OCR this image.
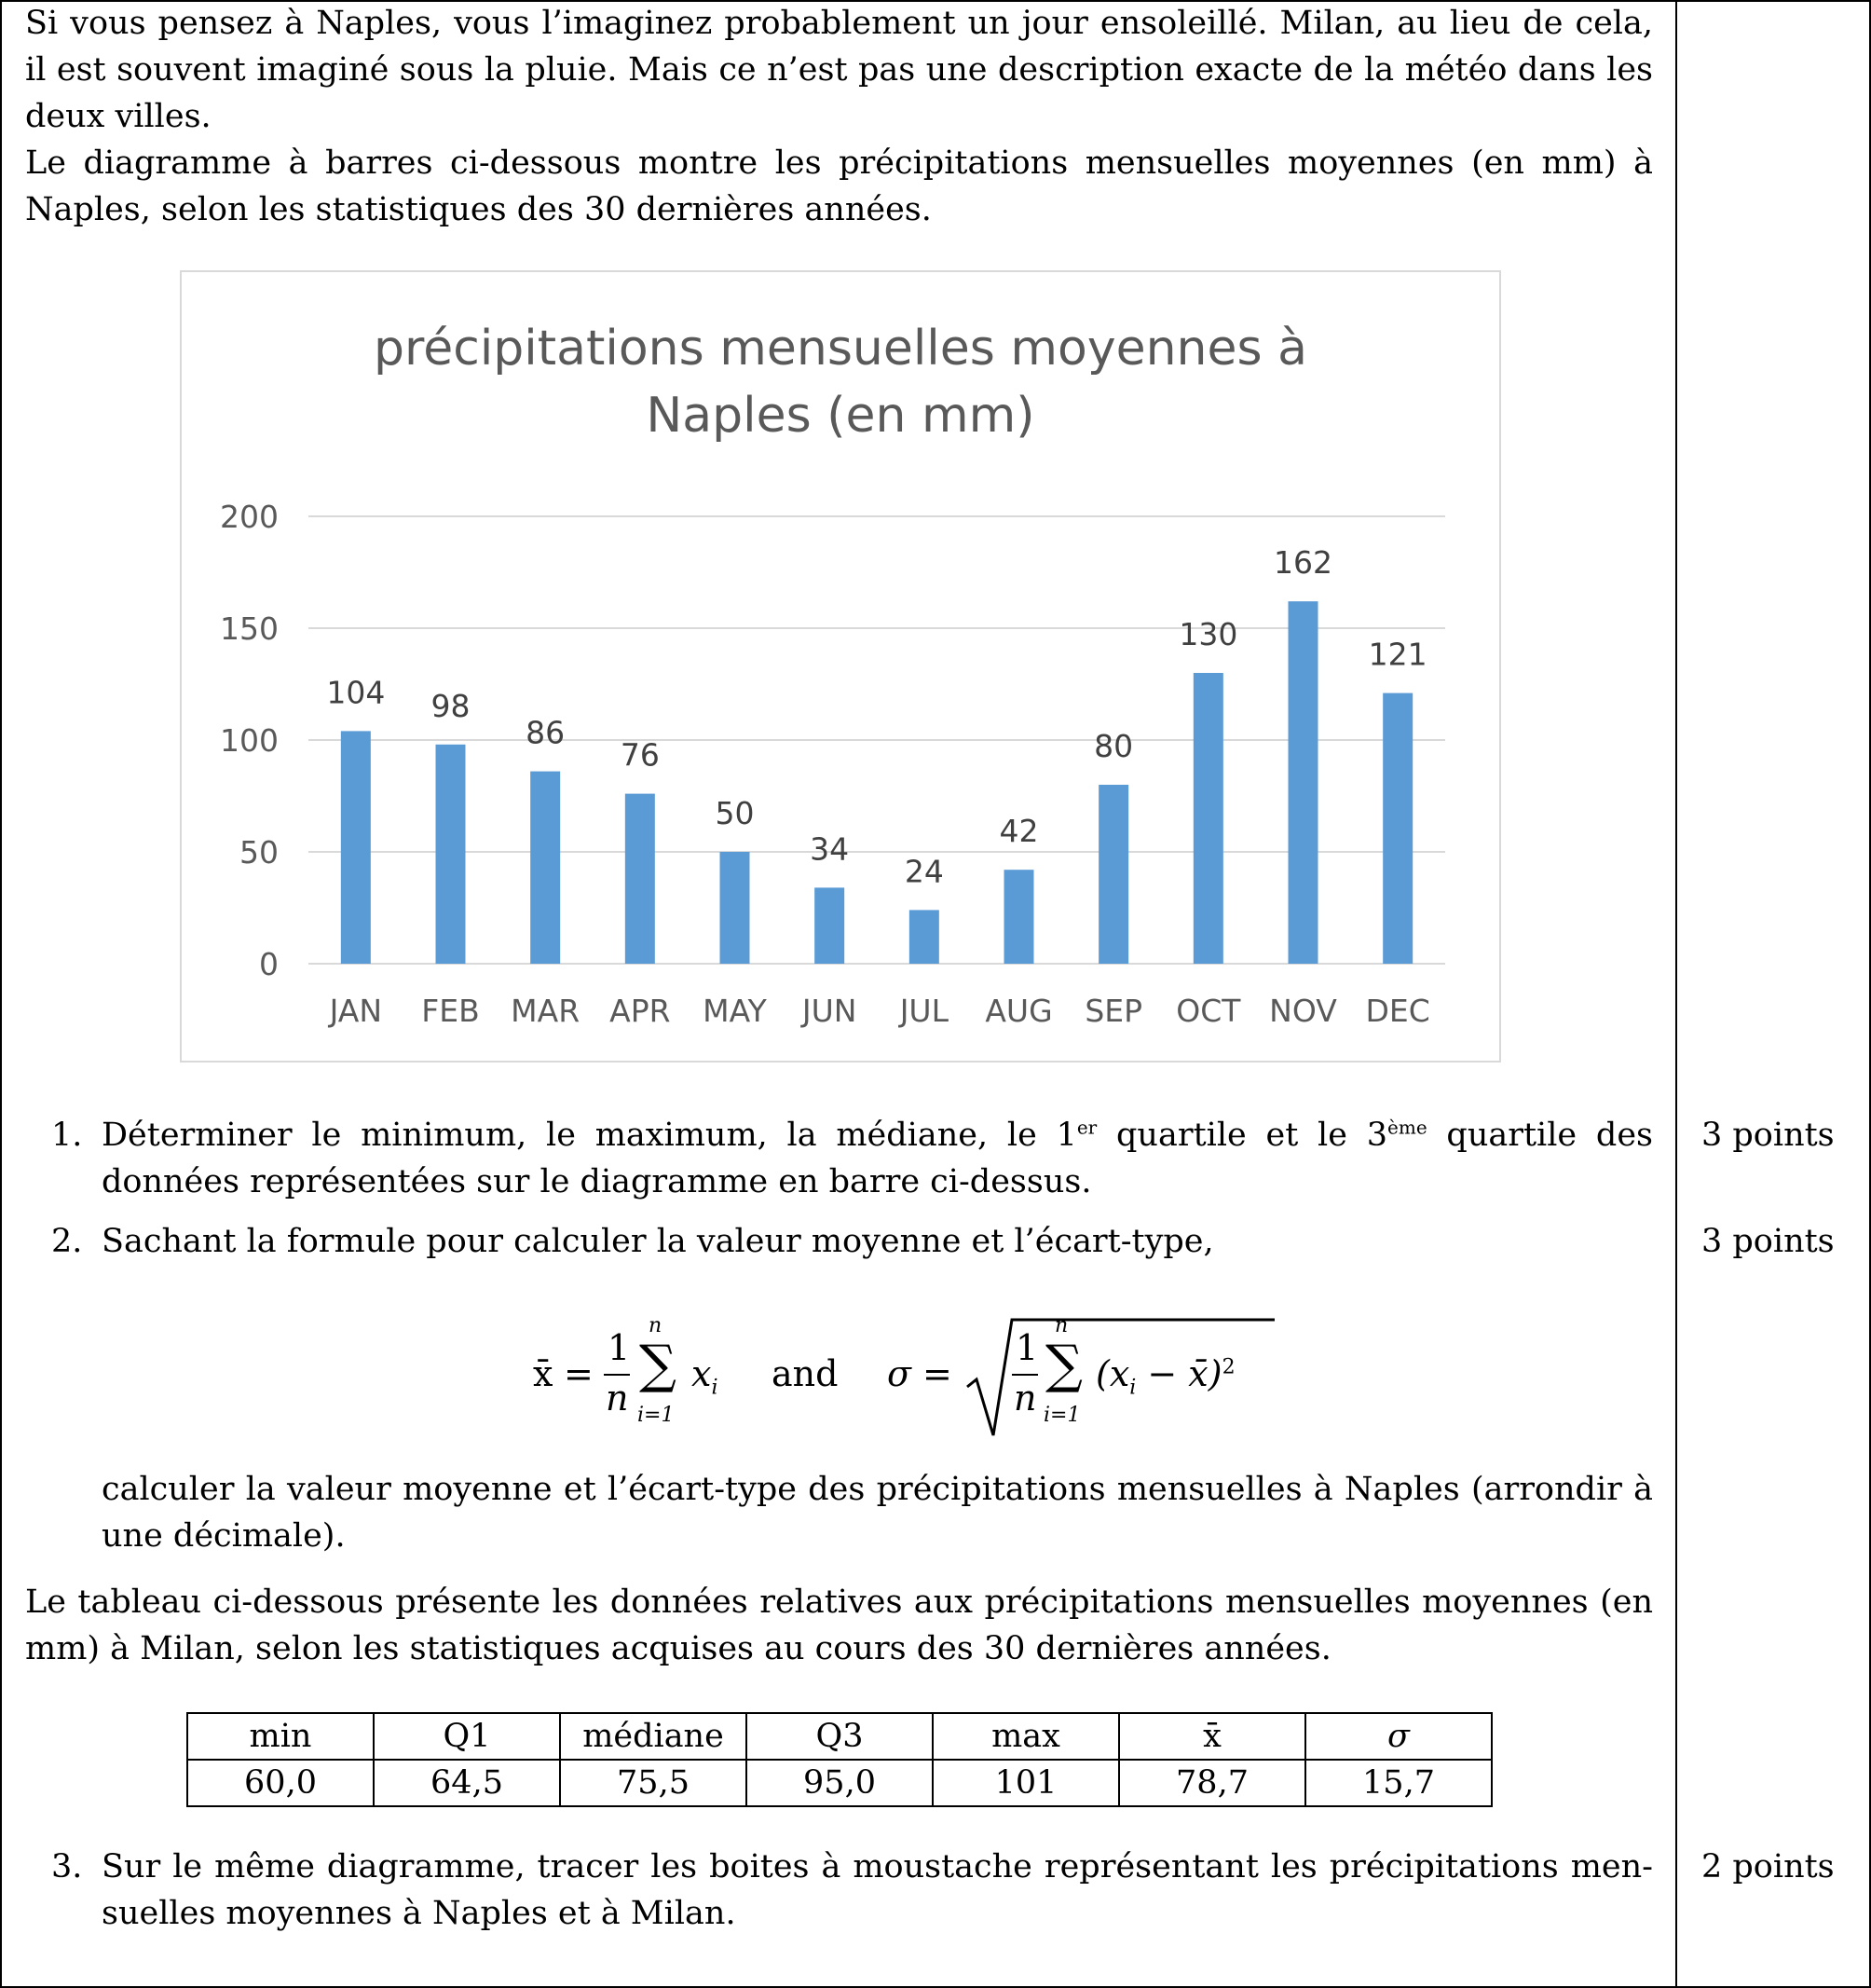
Si vous pensez à Naples, vous l’imaginez probablement un jour ensoleillé. Milan, au lieu de cela, il est souvent imaginé sous la pluie. Mais ce n’est pas une description exacte de la météo dans les deux villes.

Le diagramme à barres ci-dessous montre les précipitations mensuelles moyennes (en mm) à Naples, selon les statistiques des 30 dernières années.

précipitations mensuelles moyennes à
Naples (en mm)
0
50
100
150
200
104
JAN
98
FEB
86
MAR
76
APR
50
MAY
34
JUN
24
JUL
42
AUG
80
SEP
130
OCT
162
NOV
121
DEC
1. Déterminer le minimum, le maximum, la médiane, le 1er quartile et le 3ème quartile des données représentées sur le diagramme en barre ci-dessus.

3 points
2. Sachant la formule pour calculer la valeur moyenne et l’écart-type,	3 points
x̄ =
1
n
n
∑
i=1
$x_i$ and σ =
1
n
n
∑
i=1
($x_i$ − x̄)$^2$

calculer la valeur moyenne et l’écart-type des précipitations mensuelles à Naples (arrondir à une décimale).

Le tableau ci-dessous présente les données relatives aux précipitations mensuelles moyennes (en mm) à Milan, selon les statistiques acquises au cours des 30 dernières années.

min	Q1	médiane	Q3	max	x̄	σ
60,0	64,5	75,5	95,0	101	78,7	15,7
3. Sur le même diagramme, tracer les boites à moustache représentant les précipitations men-suelles moyennes à Naples et à Milan.

2 points
